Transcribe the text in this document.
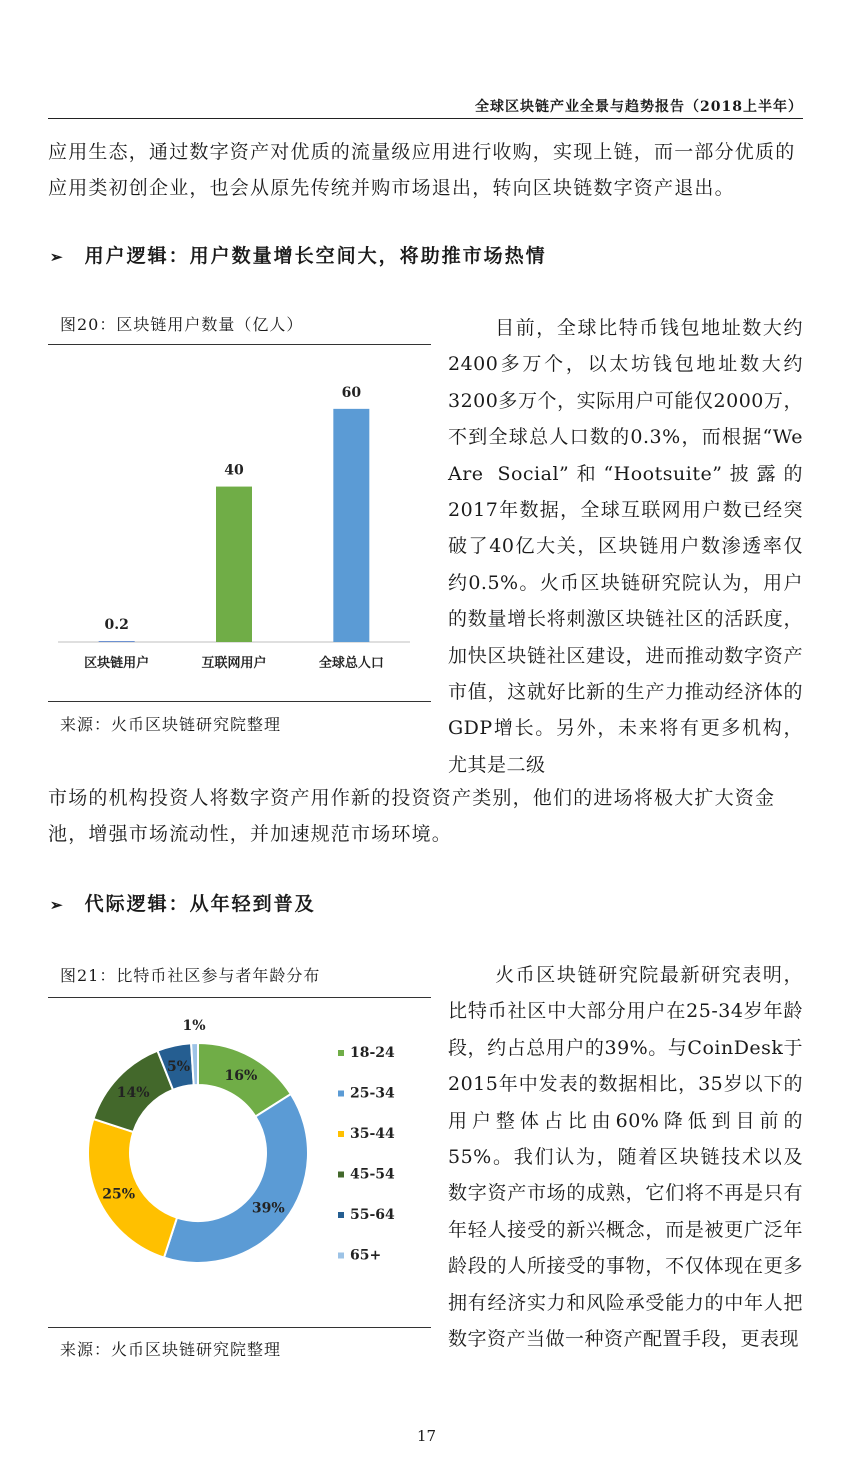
全球区块链产业全景与趋势报告（2018上半年）

应用生态，通过数字资产对优质的流量级应用进行收购，实现上链，而一部分优质的应用类初创企业，也会从原先传统并购市场退出，转向区块链数字资产退出。

➢ 用户逻辑：用户数量增长空间大，将助推市场热情
图20：区块链用户数量（亿人）
0.2
区块链用户
40
互联网用户
60
全球总人口
来源：火币区块链研究院整理

目前，全球比特币钱包地址数大约2400多万个，以太坊钱包地址数大约3200多万个，实际用户可能仅2000万，不到全球总人口数的0.3%，而根据“We Are Social”和“Hootsuite”披露的2017年数据，全球互联网用户数已经突破了40亿大关，区块链用户数渗透率仅约0.5%。火币区块链研究院认为，用户的数量增长将刺激区块链社区的活跃度，加快区块链社区建设，进而推动数字资产市值，这就好比新的生产力推动经济体的GDP增长。另外，未来将有更多机构，尤其是二级

市场的机构投资人将数字资产用作新的投资资产类别，他们的进场将极大扩大资金池，增强市场流动性，并加速规范市场环境。

➢ 代际逻辑：从年轻到普及
图21：比特币社区参与者年龄分布
16%
39%
25%
14%
5%
1%
18-24
25-34
35-44
45-54
55-64
65+
来源：火币区块链研究院整理

火币区块链研究院最新研究表明，比特币社区中大部分用户在25-34岁年龄段，约占总用户的39%。与CoinDesk于2015年中发表的数据相比，35岁以下的用户整体占比由60%降低到目前的55%。我们认为，随着区块链技术以及数字资产市场的成熟，它们将不再是只有年轻人接受的新兴概念，而是被更广泛年龄段的人所接受的事物，不仅体现在更多拥有经济实力和风险承受能力的中年人把数字资产当做一种资产配置手段，更表现

17
